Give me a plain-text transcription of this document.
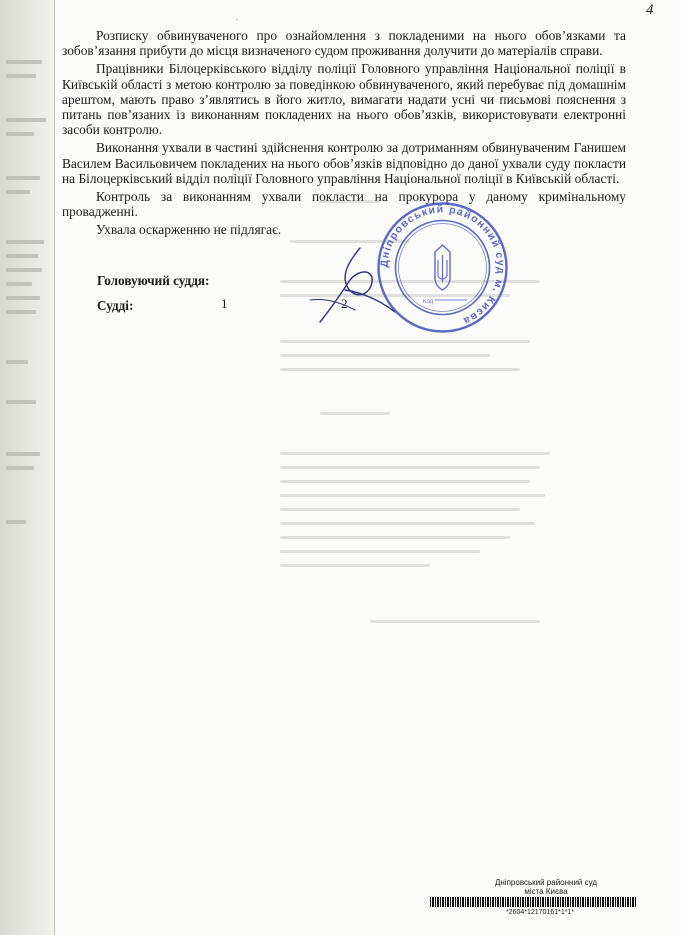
-
4

Розписку обвинуваченого про ознайомлення з покладеними на нього обов’язками та зобов’язання прибути до місця визначеного судом проживання долучити до матеріалів справи.

Працівники Білоцерківського відділу поліції Головного управління Національної поліції в Київській області з метою контролю за поведінкою обвинуваченого, який перебуває під домашнім арештом, мають право з’являтись в його житло, вимагати надати усні чи письмові пояснення з питань пов’язаних із виконанням покладених на нього обов’язків, використовувати електронні засоби контролю.

Виконання ухвали в частині здійснення контролю за дотриманням обвинуваченим Ганишем Василем Васильовичем покладених на нього обов’язків відповідно до даної ухвали суду покласти на Білоцерківський відділ поліції Головного управління Національної поліції в Київській області.

Контроль за виконанням ухвали покласти на прокурора у даному кримінальному провадженні.

Ухвала оскарженню не підлягає.

Головуючий суддя:
Судді:	1	2
Дніпровський районний суд м. Києва
Код
Дніпровський районний суд
міста Києва
*2604*12170161*1*1*
